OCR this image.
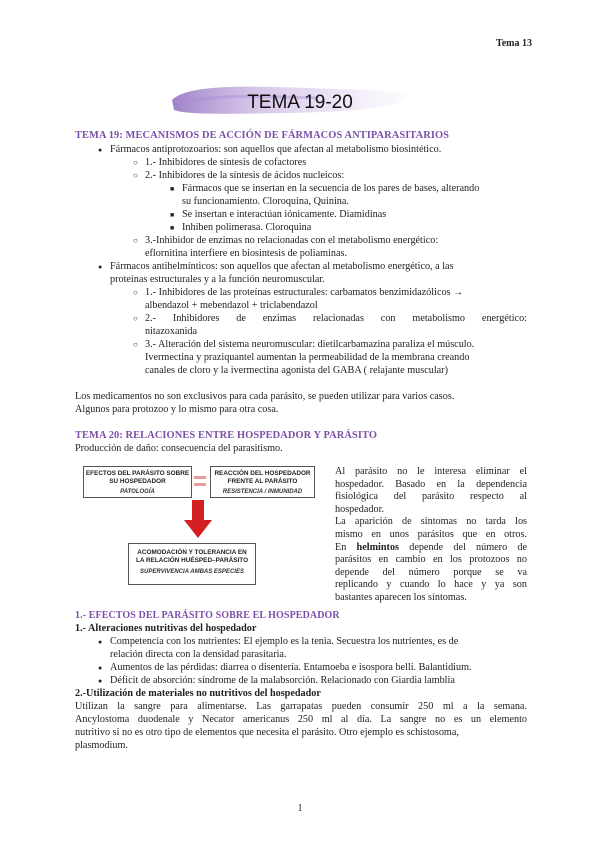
Tema 13
TEMA 19-20
TEMA 19: MECANISMOS DE ACCIÓN DE FÁRMACOS ANTIPARASITARIOS
● Fármacos antiprotozoarios: son aquellos que afectan al metabolismo biosintético.
○ 1.- Inhibidores de síntesis de cofactores
○ 2.- Inhibidores de la síntesis de ácidos nucleicos:
■ Fármacos que se insertan en la secuencia de los pares de bases, alterando
su funcionamiento. Cloroquina, Quinina.
■ Se insertan e interactúan iónicamente. Diamidinas
■ Inhiben polimerasa. Cloroquina
○ 3.-Inhibidor de enzimas no relacionadas con el metabolismo energético:
eflornitina interfiere en biosintesis de poliaminas.
● Fármacos antihelmínticos: son aquellos que afectan al metabolismo energético, a las
proteínas estructurales y a la función neuromuscular.
○ 1.- Inhibidores de las proteínas estructurales: carbamatos benzimidazólicos →
albendazol + mebendazol + triclabendazol
○ 2.- Inhibidores de enzimas relacionadas con metabolismo energético:
nitazoxanida
○ 3.- Alteración del sistema neuromuscular: dietilcarbamazina paraliza el músculo.
Ivermectina y praziquantel aumentan la permeabilidad de la membrana creando
canales de cloro y la ivermectina agonista del GABA ( relajante muscular)
Los medicamentos no son exclusivos para cada parásito, se pueden utilizar para varios casos.
Algunos para protozoo y lo mismo para otra cosa.
TEMA 20: RELACIONES ENTRE HOSPEDADOR Y PARÁSITO
Producción de daño: consecuencia del parasitismo.
EFECTOS DEL PARÁSITO SOBRE
SU HOSPEDADOR
PATOLOGÍA
REACCIÓN DEL HOSPEDADOR
FRENTE AL PARÁSITO
RESISTENCIA / INMUNIDAD
ACOMODACIÓN Y TOLERANCIA EN
LA RELACIÓN HUÉSPED–PARÁSITO
SUPERVIVENCIA AMBAS ESPECIES
Al parásito no le interesa eliminar el
hospedador. Basado en la dependencia
fisiológica del parásito respecto al
hospedador.
La aparición de síntomas no tarda los
mismo en unos parásitos que en otros.
En helmintos depende del número de
parásitos en cambio en los protozoos no
depende del número porque se va
replicando y cuando lo hace y ya son
bastantes aparecen los síntomas.
1.- EFECTOS DEL PARÁSITO SOBRE EL HOSPEDADOR
1.- Alteraciones nutritivas del hospedador
● Competencia con los nutrientes: El ejemplo es la tenia. Secuestra los nutrientes, es de
relación directa con la densidad parasitaria.
● Aumentos de las pérdidas: diarrea o disentería. Entamoeba e isospora belli. Balantidium.
● Déficit de absorción: síndrome de la malabsorción. Relacionado con Giardia lamblia
2.-Utilización de materiales no nutritivos del hospedador
Utilizan la sangre para alimentarse. Las garrapatas pueden consumir 250 ml a la semana.
Ancylostoma duodenale y Necator americanus 250 ml al día. La sangre no es un elemento
nutritivo si no es otro tipo de elementos que necesita el parásito. Otro ejemplo es schistosoma,
plasmodium.
1
